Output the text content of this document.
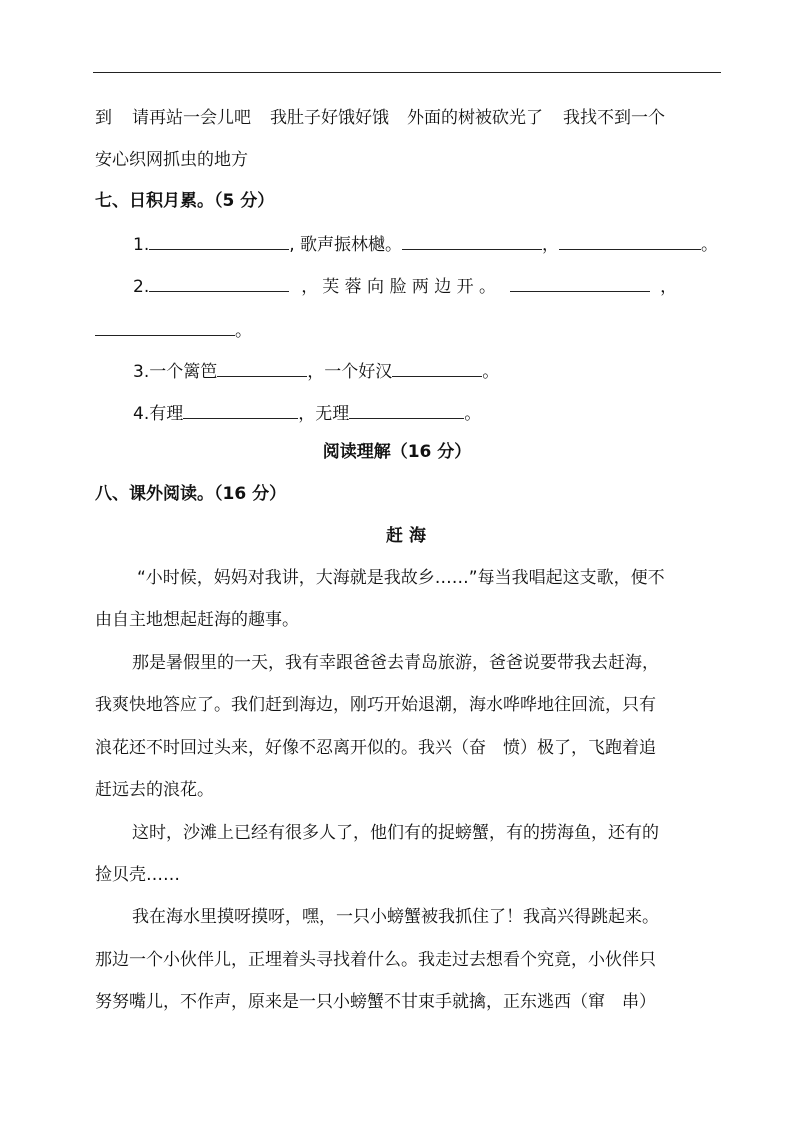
到 请再站一会儿吧 我肚子好饿好饿 外面的树被砍光了 我找不到一个
安心织网抓虫的地方
七、日积月累。（5 分）
1.	, 歌声振林樾。	，	。
2.	， 芙 蓉 向 脸 两 边 开 。	，
。
3.一个篱笆	，一个好汉	。
4.有理	，无理	。
阅读理解（16 分）
八、课外阅读。（16 分）
赶 海
“小时候，妈妈对我讲，大海就是我故乡……”每当我唱起这支歌，便不
由自主地想起赶海的趣事。
那是暑假里的一天，我有幸跟爸爸去青岛旅游，爸爸说要带我去赶海，
我爽快地答应了。我们赶到海边，刚巧开始退潮，海水哗哗地往回流，只有
浪花还不时回过头来，好像不忍离开似的。我兴（奋　愤）极了，飞跑着追
赶远去的浪花。
这时，沙滩上已经有很多人了，他们有的捉螃蟹，有的捞海鱼，还有的
捡贝壳……
我在海水里摸呀摸呀，嘿，一只小螃蟹被我抓住了！我高兴得跳起来。
那边一个小伙伴儿，正埋着头寻找着什么。我走过去想看个究竟，小伙伴只
努努嘴儿，不作声，原来是一只小螃蟹不甘束手就擒，正东逃西（窜　串）
